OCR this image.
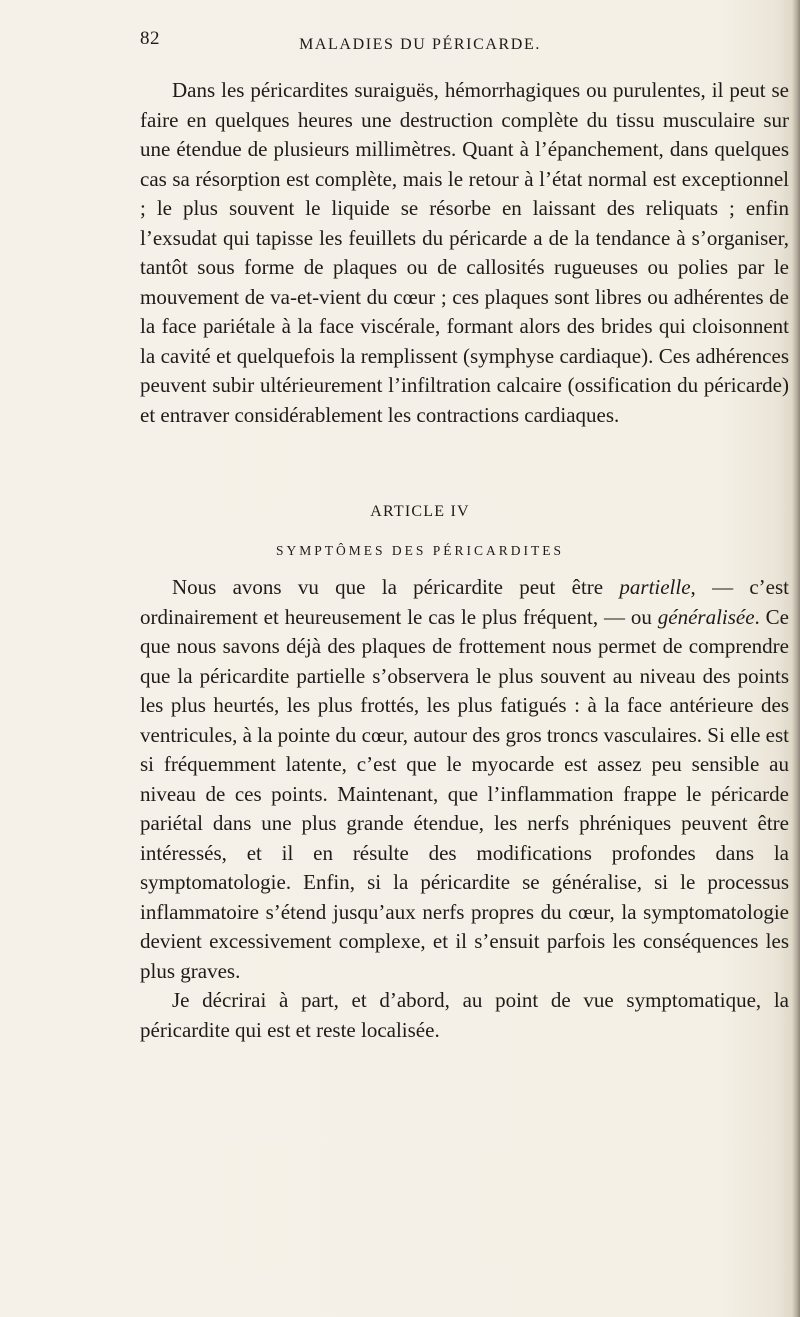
82	MALADIES DU PÉRICARDE.

Dans les péricardites suraiguës, hémorrhagiques ou purulentes, il peut se faire en quelques heures une destruction complète du tissu musculaire sur une étendue de plusieurs millimètres. Quant à l’épanchement, dans quelques cas sa résorption est complète, mais le retour à l’état normal est exceptionnel ; le plus souvent le liquide se résorbe en laissant des reliquats ; enfin l’exsudat qui tapisse les feuillets du péricarde a de la tendance à s’organiser, tantôt sous forme de plaques ou de callosités rugueuses ou polies par le mouvement de va-et-vient du cœur ; ces plaques sont libres ou adhérentes de la face pariétale à la face viscérale, formant alors des brides qui cloisonnent la cavité et quelquefois la remplissent (symphyse cardiaque). Ces adhérences peuvent subir ultérieurement l’infiltration calcaire (ossification du péricarde) et entraver considérablement les contractions cardiaques.

ARTICLE IV
SYMPTÔMES DES PÉRICARDITES

Nous avons vu que la péricardite peut être partielle, — c’est ordinairement et heureusement le cas le plus fréquent, — ou généralisée. Ce que nous savons déjà des plaques de frottement nous permet de comprendre que la péricardite partielle s’observera le plus souvent au niveau des points les plus heurtés, les plus frottés, les plus fatigués : à la face antérieure des ventricules, à la pointe du cœur, autour des gros troncs vasculaires. Si elle est si fréquemment latente, c’est que le myocarde est assez peu sensible au niveau de ces points. Maintenant, que l’inflammation frappe le péricarde pariétal dans une plus grande étendue, les nerfs phréniques peuvent être intéressés, et il en résulte des modifications profondes dans la symptomatologie. Enfin, si la péricardite se généralise, si le processus inflammatoire s’étend jusqu’aux nerfs propres du cœur, la symptomatologie devient excessivement complexe, et il s’ensuit parfois les conséquences les plus graves.

Je décrirai à part, et d’abord, au point de vue symptomatique, la péricardite qui est et reste localisée.
